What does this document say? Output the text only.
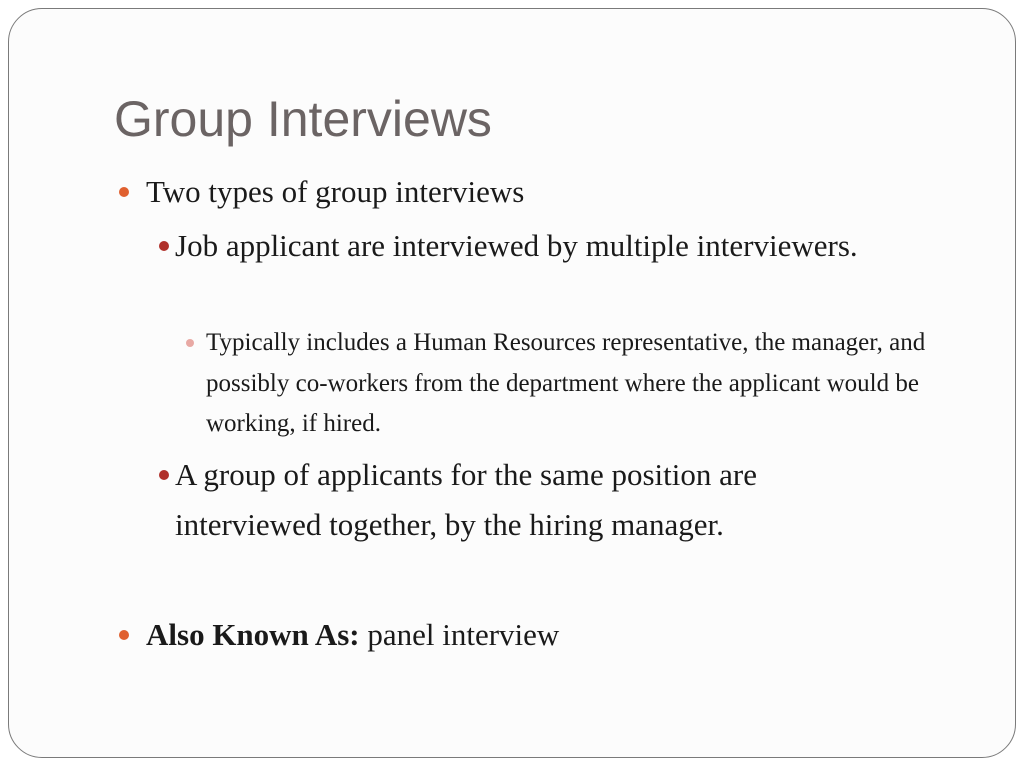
Group Interviews

Two types of group interviews

Job applicant are interviewed by multiple interviewers.

Typically includes a Human Resources representative, the manager, and possibly co-workers from the department where the applicant would be working, if hired.

A group of applicants for the same position are interviewed together, by the hiring manager.

Also Known As: panel interview
